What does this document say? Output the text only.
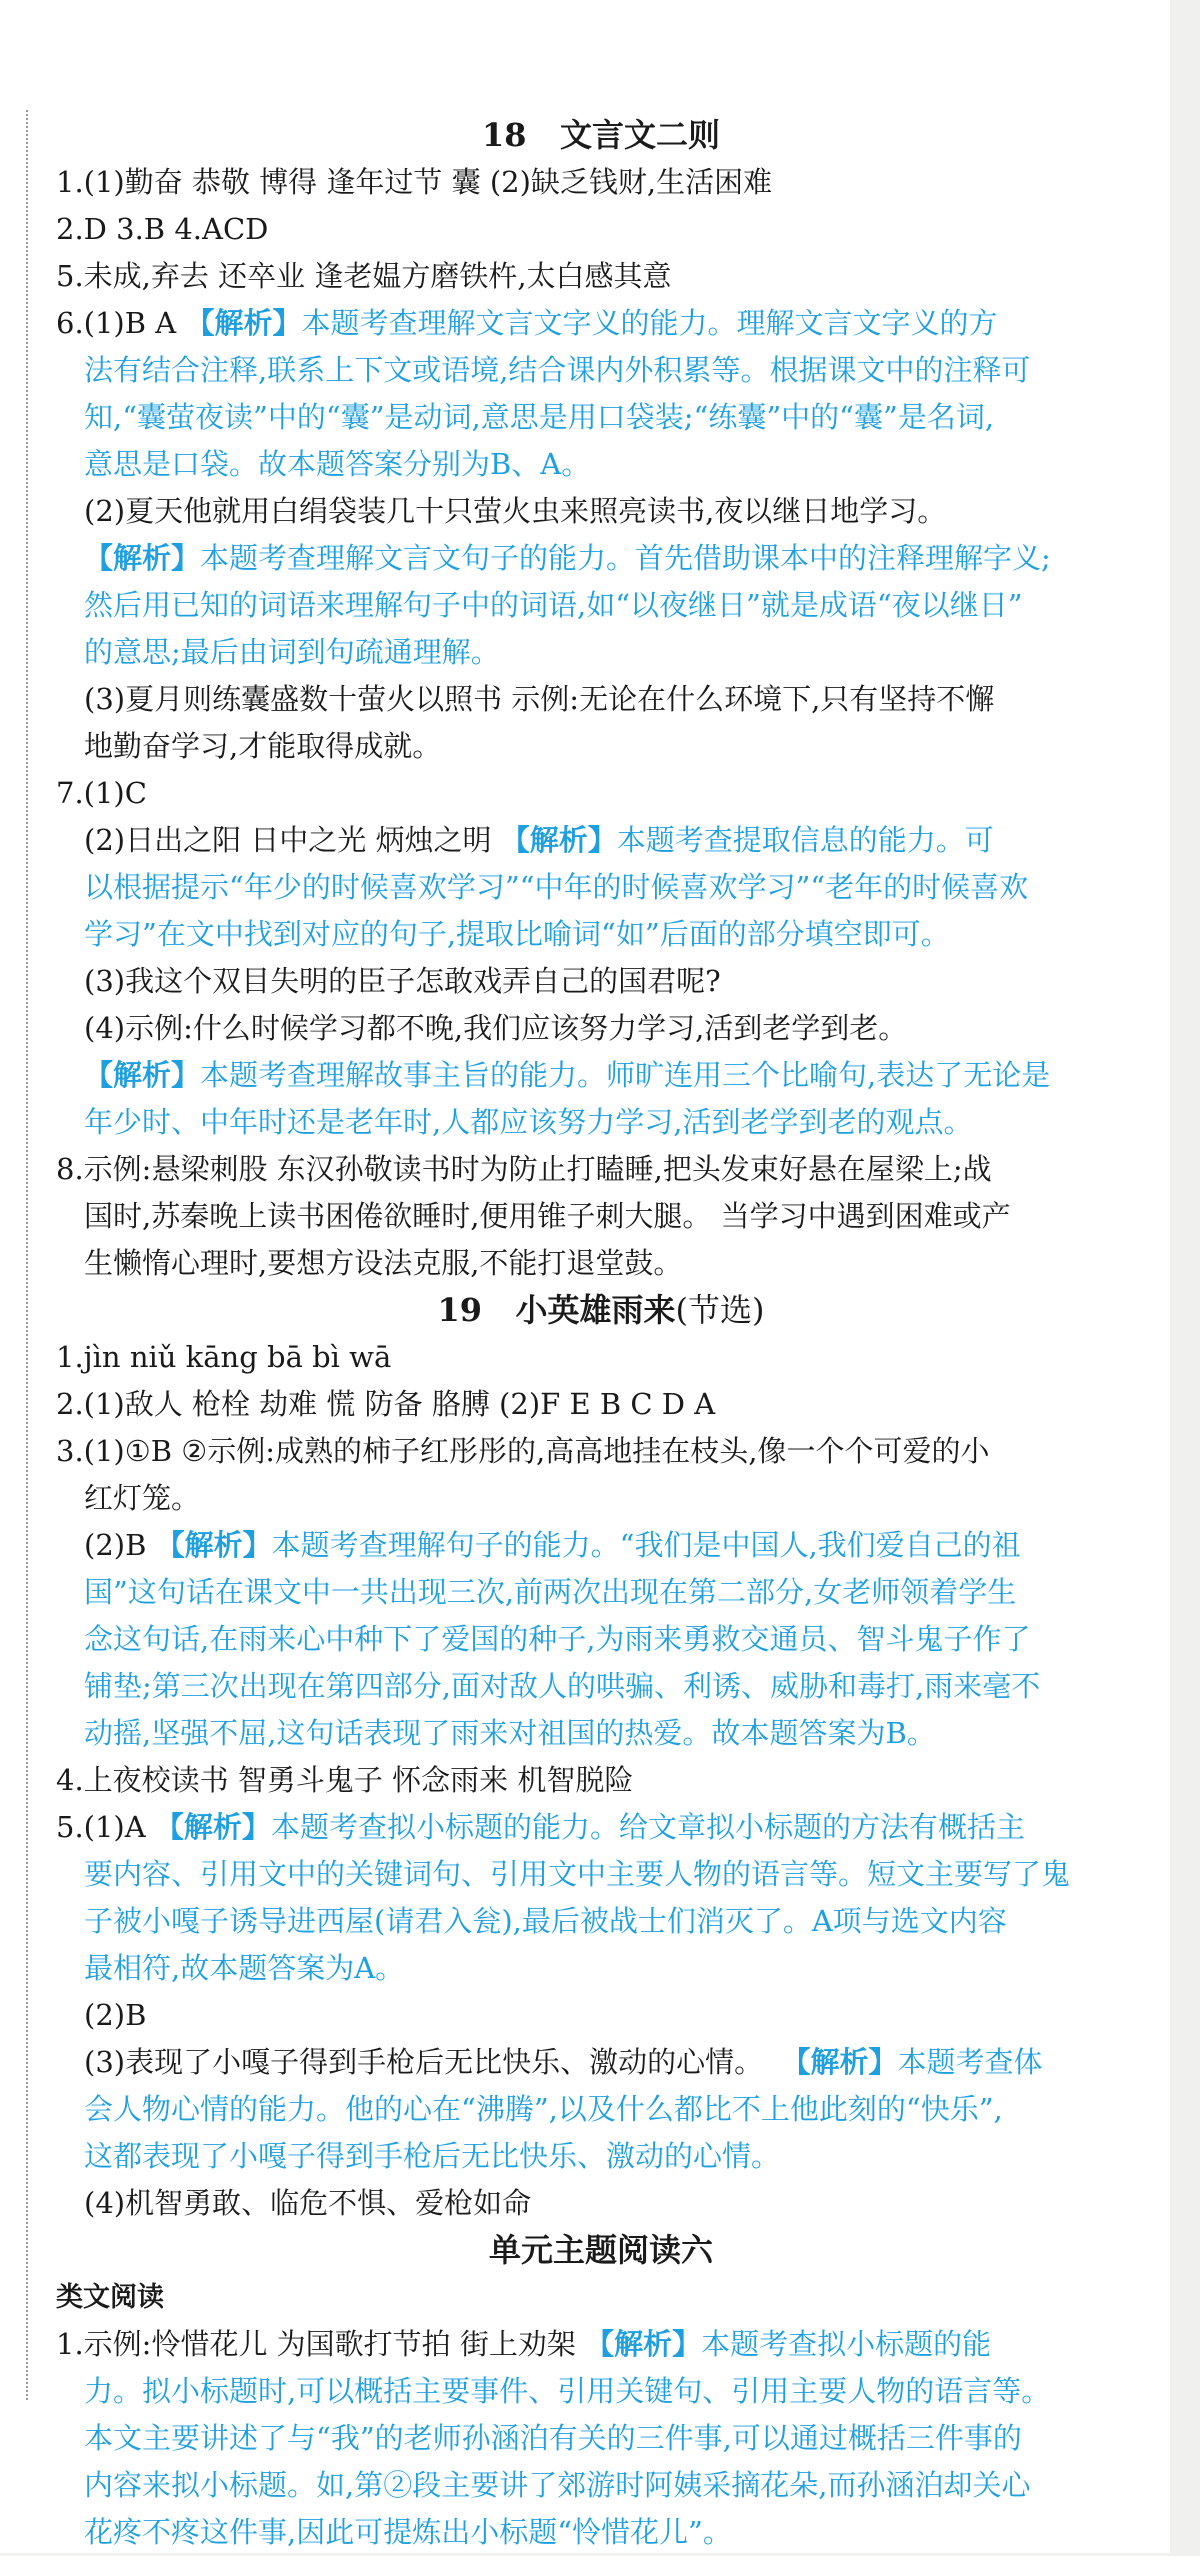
18 文言文二则
1.(1)勤奋 恭敬 博得 逢年过节 囊 (2)缺乏钱财,生活困难
2.D 3.B 4.ACD
5.未成,弃去 还卒业 逢老媪方磨铁杵,太白感其意
6.(1)B A 【解析】本题考查理解文言文字义的能力。理解文言文字义的方
法有结合注释,联系上下文或语境,结合课内外积累等。根据课文中的注释可
知,“囊萤夜读”中的“囊”是动词,意思是用口袋装;“练囊”中的“囊”是名词,
意思是口袋。故本题答案分别为B、A。
(2)夏天他就用白绢袋装几十只萤火虫来照亮读书,夜以继日地学习。
【解析】本题考查理解文言文句子的能力。首先借助课本中的注释理解字义;
然后用已知的词语来理解句子中的词语,如“以夜继日”就是成语“夜以继日”
的意思;最后由词到句疏通理解。
(3)夏月则练囊盛数十萤火以照书 示例:无论在什么环境下,只有坚持不懈
地勤奋学习,才能取得成就。
7.(1)C
(2)日出之阳 日中之光 炳烛之明 【解析】本题考查提取信息的能力。可
以根据提示“年少的时候喜欢学习”“中年的时候喜欢学习”“老年的时候喜欢
学习”在文中找到对应的句子,提取比喻词“如”后面的部分填空即可。
(3)我这个双目失明的臣子怎敢戏弄自己的国君呢?
(4)示例:什么时候学习都不晚,我们应该努力学习,活到老学到老。
【解析】本题考查理解故事主旨的能力。师旷连用三个比喻句,表达了无论是
年少时、中年时还是老年时,人都应该努力学习,活到老学到老的观点。
8.示例:悬梁刺股 东汉孙敬读书时为防止打瞌睡,把头发束好悬在屋梁上;战
国时,苏秦晚上读书困倦欲睡时,便用锥子刺大腿。 当学习中遇到困难或产
生懒惰心理时,要想方设法克服,不能打退堂鼓。
19 小英雄雨来(节选)
1.jìn niǔ kāng bā bì wā
2.(1)敌人 枪栓 劫难 慌 防备 胳膊 (2)F E B C D A
3.(1)①B ②示例:成熟的柿子红彤彤的,高高地挂在枝头,像一个个可爱的小
红灯笼。
(2)B 【解析】本题考查理解句子的能力。“我们是中国人,我们爱自己的祖
国”这句话在课文中一共出现三次,前两次出现在第二部分,女老师领着学生
念这句话,在雨来心中种下了爱国的种子,为雨来勇救交通员、智斗鬼子作了
铺垫;第三次出现在第四部分,面对敌人的哄骗、利诱、威胁和毒打,雨来毫不
动摇,坚强不屈,这句话表现了雨来对祖国的热爱。故本题答案为B。
4.上夜校读书 智勇斗鬼子 怀念雨来 机智脱险
5.(1)A 【解析】本题考查拟小标题的能力。给文章拟小标题的方法有概括主
要内容、引用文中的关键词句、引用文中主要人物的语言等。短文主要写了鬼
子被小嘎子诱导进西屋(请君入瓮),最后被战士们消灭了。A项与选文内容
最相符,故本题答案为A。
(2)B
(3)表现了小嘎子得到手枪后无比快乐、激动的心情。 【解析】本题考查体
会人物心情的能力。他的心在“沸腾”,以及什么都比不上他此刻的“快乐”,
这都表现了小嘎子得到手枪后无比快乐、激动的心情。
(4)机智勇敢、临危不惧、爱枪如命
单元主题阅读六
类文阅读
1.示例:怜惜花儿 为国歌打节拍 街上劝架 【解析】本题考查拟小标题的能
力。拟小标题时,可以概括主要事件、引用关键句、引用主要人物的语言等。
本文主要讲述了与“我”的老师孙涵泊有关的三件事,可以通过概括三件事的
内容来拟小标题。如,第②段主要讲了郊游时阿姨采摘花朵,而孙涵泊却关心
花疼不疼这件事,因此可提炼出小标题“怜惜花儿”。
